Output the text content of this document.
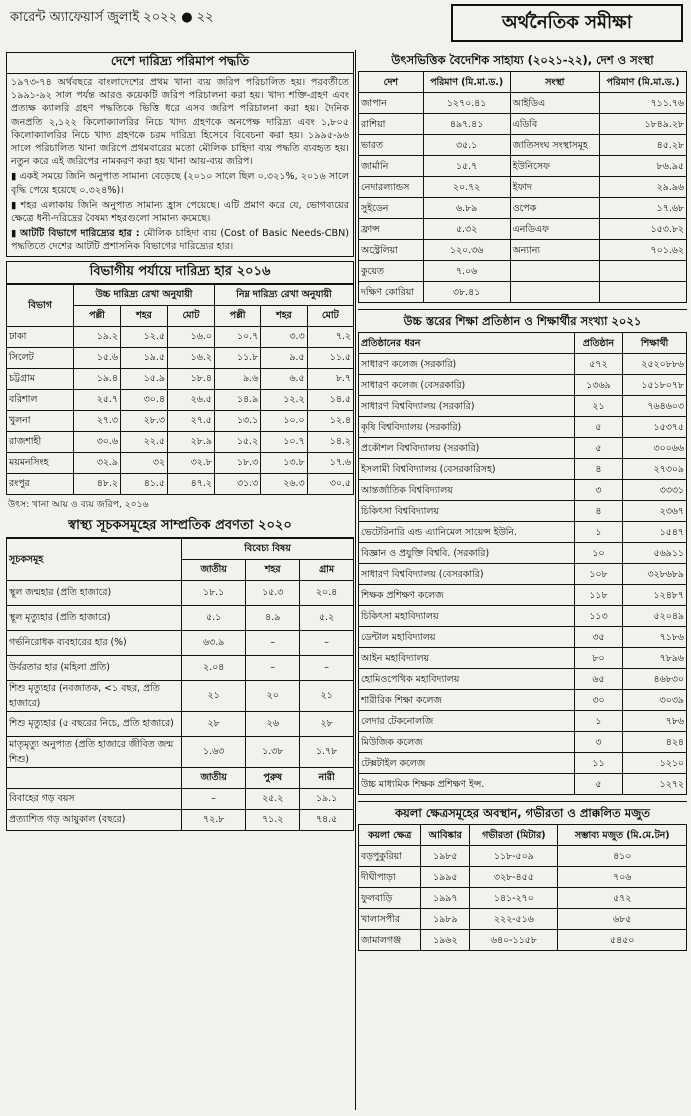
কারেন্ট অ্যাফেয়ার্স জুলাই ২০২২ ● ২২	অর্থনৈতিক সমীক্ষা
দেশে দারিদ্র্য পরিমাপ পদ্ধতি
১৯৭৩-৭৪ অর্থবছরে বাংলাদেশের প্রথম খানা ব্যয় জরিপ পরিচালিত হয়। পরবর্তীতে ১৯৯১-৯২ সাল পর্যন্ত আরও কয়েকটি জরিপ পরিচালনা করা হয়। খাদ্য শক্তি-গ্রহণ এবং প্রত্যক্ষ ক্যালরি গ্রহণ পদ্ধতিকে ভিত্তি ধরে এসব জরিপ পরিচালনা করা হয়। দৈনিক জনপ্রতি ২,১২২ কিলোক্যালরির নিচে খাদ্য গ্রহণকে অনপেক্ষ দারিদ্র্য এবং ১,৮০৫ কিলোক্যালরির নিচে খাদ্য গ্রহণকে চরম দারিদ্র্য হিসেবে বিবেচনা করা হয়। ১৯৯৫-৯৬ সালে পরিচালিত খানা জরিপে প্রথমবারের মতো মৌলিক চাহিদা ব্যয় পদ্ধতি ব্যবহৃত হয়। নতুন করে এই জরিপের নামকরণ করা হয় খানা আয়-ব্যয় জরিপ।
▮ একই সময়ে জিনি অনুপাত সামান্য বেড়েছে (২০১০ সালে ছিল ০.৩২১%, ২০১৬ সালে বৃদ্ধি পেয়ে হয়েছে ০.৩২৪%)।
▮ শহর এলাকায় জিনি অনুপাত সামান্য হ্রাস পেয়েছে। এটি প্রমাণ করে যে, ভোগব্যয়ের ক্ষেত্রে ধনী-দরিদ্রের বৈষম্য শহরগুলো সামান্য কমেছে।
▮ আটটি বিভাগে দারিদ্র্যের হার : মৌলিক চাহিদা ব্যয় (Cost of Basic Needs-CBN) পদ্ধতিতে দেশের আটটি প্রশাসনিক বিভাগের দারিদ্র্যের হার।
বিভাগীয় পর্যায়ে দারিদ্র্য হার ২০১৬
বিভাগ	উচ্চ দারিদ্র্য রেখা অনুযায়ী			নিম্ন দারিদ্র্য রেখা অনুযায়ী		
	পল্লী	শহর	মোট	পল্লী	শহর	মোট
ঢাকা	১৯.২	১২.৫	১৬.০	১০.৭	৩.৩	৭.২
সিলেট	১৫.৬	১৯.৫	১৬.২	১১.৮	৯.৫	১১.৫
চট্টগ্রাম	১৯.৪	১৫.৯	১৮.৪	৯.৬	৬.৫	৮.৭
বরিশাল	২৫.৭	৩০.৪	২৬.৫	১৪.৯	১২.২	১৪.৫
খুলনা	২৭.৩	২৮.৩	২৭.৫	১৩.১	১০.০	১২.৪
রাজশাহী	৩০.৬	২২.৫	২৮.৯	১৫.২	১০.৭	১৪.২
ময়মনসিংহ	৩২.৯	৩২	৩২.৮	১৮.৩	১৩.৮	১৭.৬
রংপুর	৪৮.২	৪১.৫	৪৭.২	৩১.৩	২৬.৩	৩০.৫
উৎস: খানা আয় ও ব্যয় জরিপ, ২০১৬
স্বাস্থ্য সূচকসমূহের সাম্প্রতিক প্রবণতা ২০২০
সূচকসমূহ	বিবেচ্য বিষয়		
	জাতীয়	শহর	গ্রাম
স্থূল জন্মহার (প্রতি হাজারে)	১৮.১	১৫.৩	২০.৪
স্থূল মৃত্যুহার (প্রতি হাজারে)	৫.১	৪.৯	৫.২
গর্ভনিরোধক ব্যবহারের হার (%)	৬৩.৯	–	–
উর্বরতার হার (মহিলা প্রতি)	২.০৪	–	–
শিশু মৃত্যুহার (নবজাতক, <১ বছর, প্রতি হাজারে)	২১	২০	২১
শিশু মৃত্যুহার (৫ বছরের নিচে, প্রতি হাজারে)	২৮	২৬	২৮
মাতৃমৃত্যু অনুপাত (প্রতি হাজারে জীবিত জন্ম শিশু)	১.৬৩	১.৩৮	১.৭৮
	জাতীয়	পুরুষ	নারী
বিবাহের গড় বয়স	–	২৫.২	১৯.১
প্রত্যাশিত গড় আয়ুকাল (বছরে)	৭২.৮	৭১.২	৭৪.৫
উৎসভিত্তিক বৈদেশিক সাহায্য (২০২১-২২), দেশ ও সংস্থা
দেশ	পরিমাণ (মি.মা.ড.)	সংস্থা	পরিমাণ (মি.মা.ড.)
জাপান	১২৭০.৪১	আইডিএ	৭১১.৭৬
রাশিয়া	৪৯৭.৪১	এডিবি	১৮৪৯.২৮
ভারত	৩৫.১	জাতিসংঘ সংস্থাসমূহ	৪৫.২৮
জার্মানি	১৫.৭	ইউনিসেফ	৮৬.৯৫
নেদারল্যান্ডস	২০.৭২	ইফাদ	২৯.৯৬
সুইডেন	৬.৮৯	ওপেক	১৭.৬৮
ফ্রান্স	৫.৩২	এনডিএফ	১৫৩.৮২
অস্ট্রেলিয়া	১২০.৩৬	অন্যান্য	৭০১.৬২
কুয়েত	৭.০৬		
দক্ষিণ কোরিয়া	৩৮.৪১		
উচ্চ স্তরের শিক্ষা প্রতিষ্ঠান ও শিক্ষার্থীর সংখ্যা ২০২১
প্রতিষ্ঠানের ধরন	প্রতিষ্ঠান	শিক্ষার্থী
সাধারণ কলেজ (সরকারি)	৫৭২	২৫২০৮৮৬
সাধারণ কলেজ (বেসরকারি)	১৩৬৯	১৫১৮০৭৮
সাধারণ বিশ্ববিদ্যালয় (সরকারি)	২১	৭৬৪৬০৩
কৃষি বিশ্ববিদ্যালয় (সরকারি)	৫	১৫৩৭৫
প্রকৌশল বিশ্ববিদ্যালয় (সরকারি)	৫	৩০০৬৬
ইসলামী বিশ্ববিদ্যালয় (বেসরকারিসহ)	৪	২৭৩০৯
আন্তর্জাতিক বিশ্ববিদ্যালয়	৩	৩৩৩১
চিকিৎসা বিশ্ববিদ্যালয়	৪	২৩৬৭
ভেটেরিনারি এন্ড এ্যানিমেল সায়েন্স ইউনি.	১	১৫৪৭
বিজ্ঞান ও প্রযুক্তি বিশ্ববি. (সরকারি)	১০	৫৬৯১১
সাধারণ বিশ্ববিদ্যালয় (বেসরকারি)	১০৮	৩২৮৬৮৯
শিক্ষক প্রশিক্ষণ কলেজ	১১৮	১২৪৮৭
চিকিৎসা মহাবিদ্যালয়	১১৩	৫২০৪৯
ডেন্টাল মহাবিদ্যালয়	৩৫	৭১৮৬
আইন মহাবিদ্যালয়	৮০	৭৮৯৬
হোমিওপেথিক মহাবিদ্যালয়	৬৫	৪৬৮৩০
শারীরিক শিক্ষা কলেজ	৩০	৩০৩৯
লেদার টেকনোলজি	১	৭৮৬
মিউজিক কলেজ	৩	৪২৪
টেক্সটাইল কলেজ	১১	১২১০
উচ্চ মাধ্যমিক শিক্ষক প্রশিক্ষণ ইন্স.	৫	১২৭২
কয়লা ক্ষেত্রসমূহের অবস্থান, গভীরতা ও প্রাক্কলিত মজুত
কয়লা ক্ষেত্র	আবিষ্কার	গভীরতা (মিটার)	সম্ভাব্য মজুত (মি.মে.টন)
বড়পুকুরিয়া	১৯৮৫	১১৮-৫০৯	৪১০
দীঘীপাড়া	১৯৯৫	৩২৮-৪৫৫	৭০৬
ফুলবাড়ি	১৯৯৭	১৪১-২৭০	৫৭২
খালাসপীর	১৯৮৯	২২২-৫১৬	৬৮৫
জামালগঞ্জ	১৯৬২	৬৪০-১১৫৮	৫৪৫০
